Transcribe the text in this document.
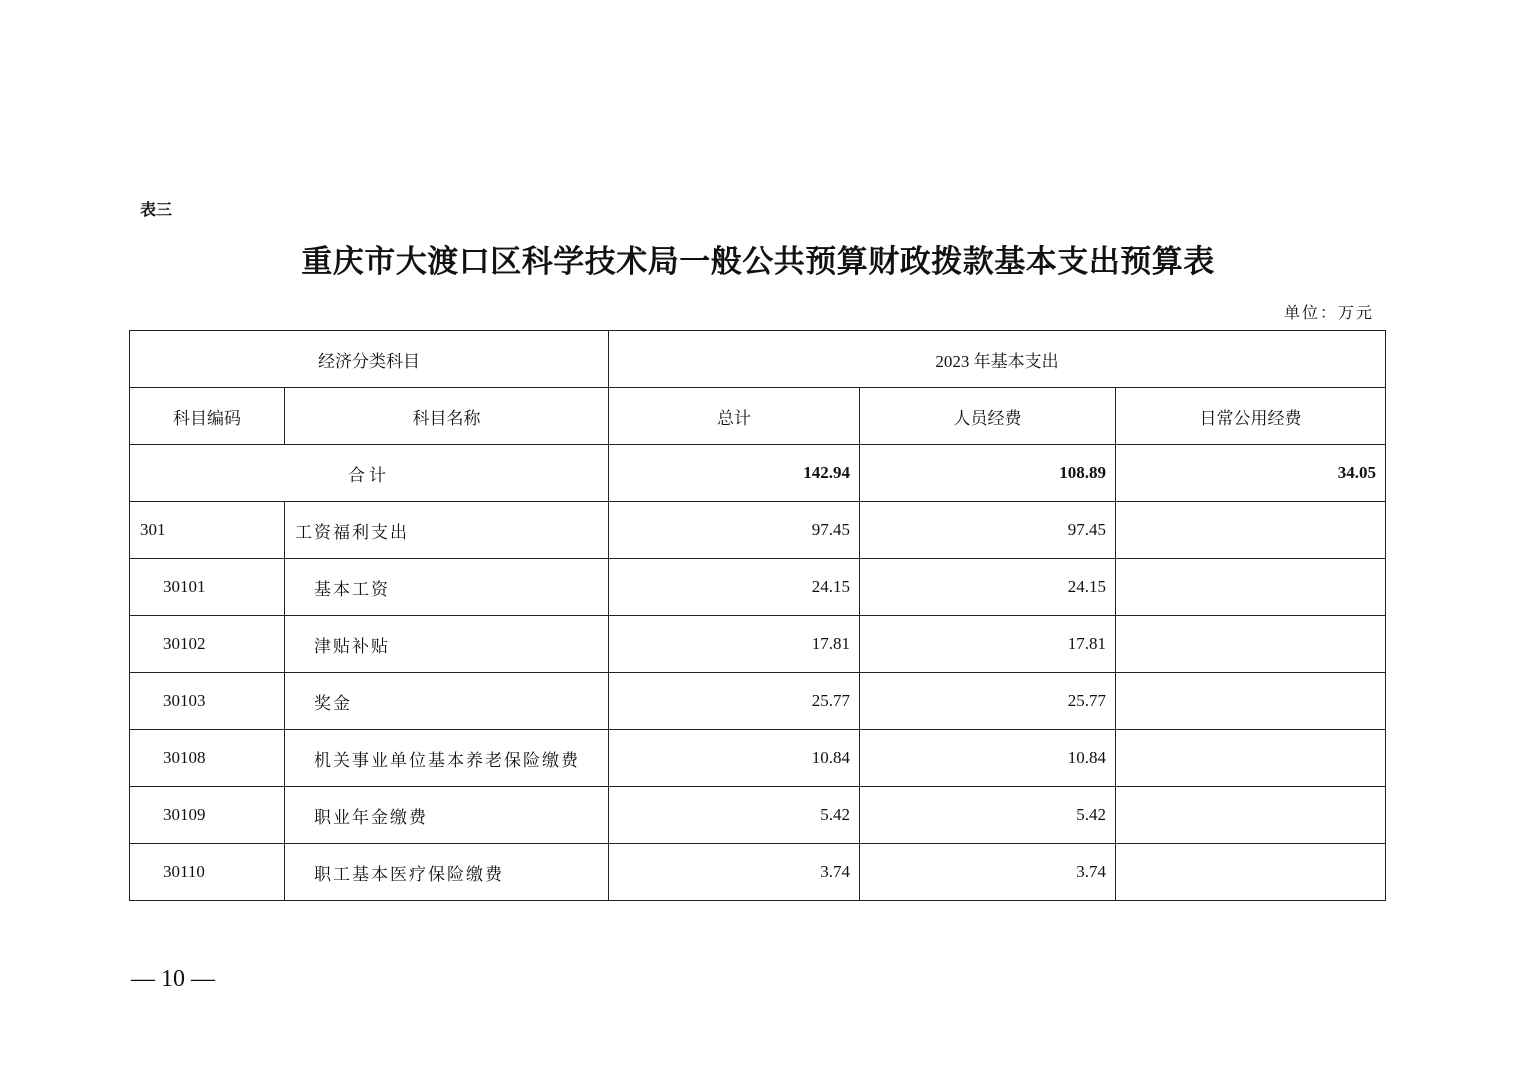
表三
重庆市大渡口区科学技术局一般公共预算财政拨款基本支出预算表
单位：万元
经济分类科目		2023 年基本支出		
科目编码	科目名称	总计	人员经费	日常公用经费
合计		142.94	108.89	34.05
301	工资福利支出	97.45	97.45	
30101	基本工资	24.15	24.15	
30102	津贴补贴	17.81	17.81	
30103	奖金	25.77	25.77	
30108	机关事业单位基本养老保险缴费	10.84	10.84	
30109	职业年金缴费	5.42	5.42	
30110	职工基本医疗保险缴费	3.74	3.74	
— 10 —
